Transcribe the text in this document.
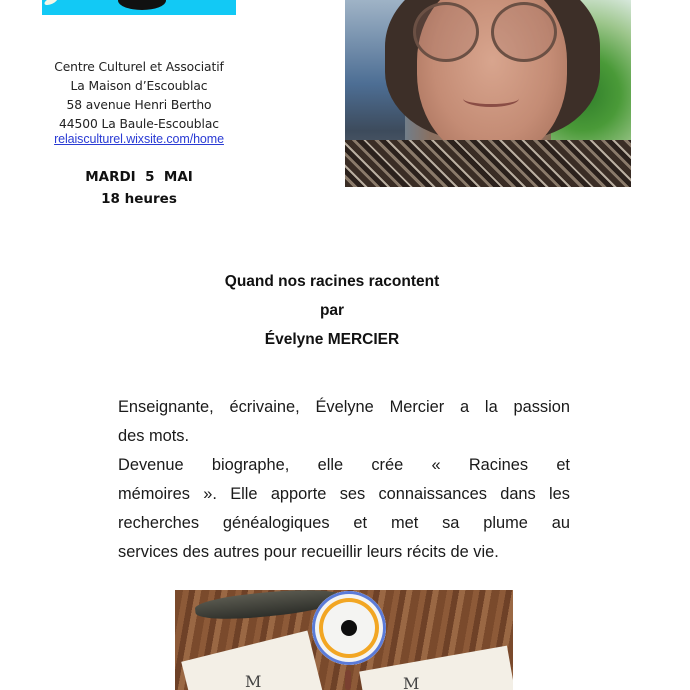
Centre Culturel et Associatif
La Maison d’Escoublac
58 avenue Henri Bertho
44500 La Baule-Escoublac
relaisculturel.wixsite.com/home
MARDI  5  MAI
18 heures
Quand nos racines racontent
par
Évelyne MERCIER
Enseignante, écrivaine, Évelyne Mercier a la passion
des mots.
Devenue biographe, elle crée « Racines et
mémoires ». Elle apporte ses connaissances dans les
recherches généalogiques et met sa plume au
services des autres pour recueillir leurs récits de vie.
M	M
